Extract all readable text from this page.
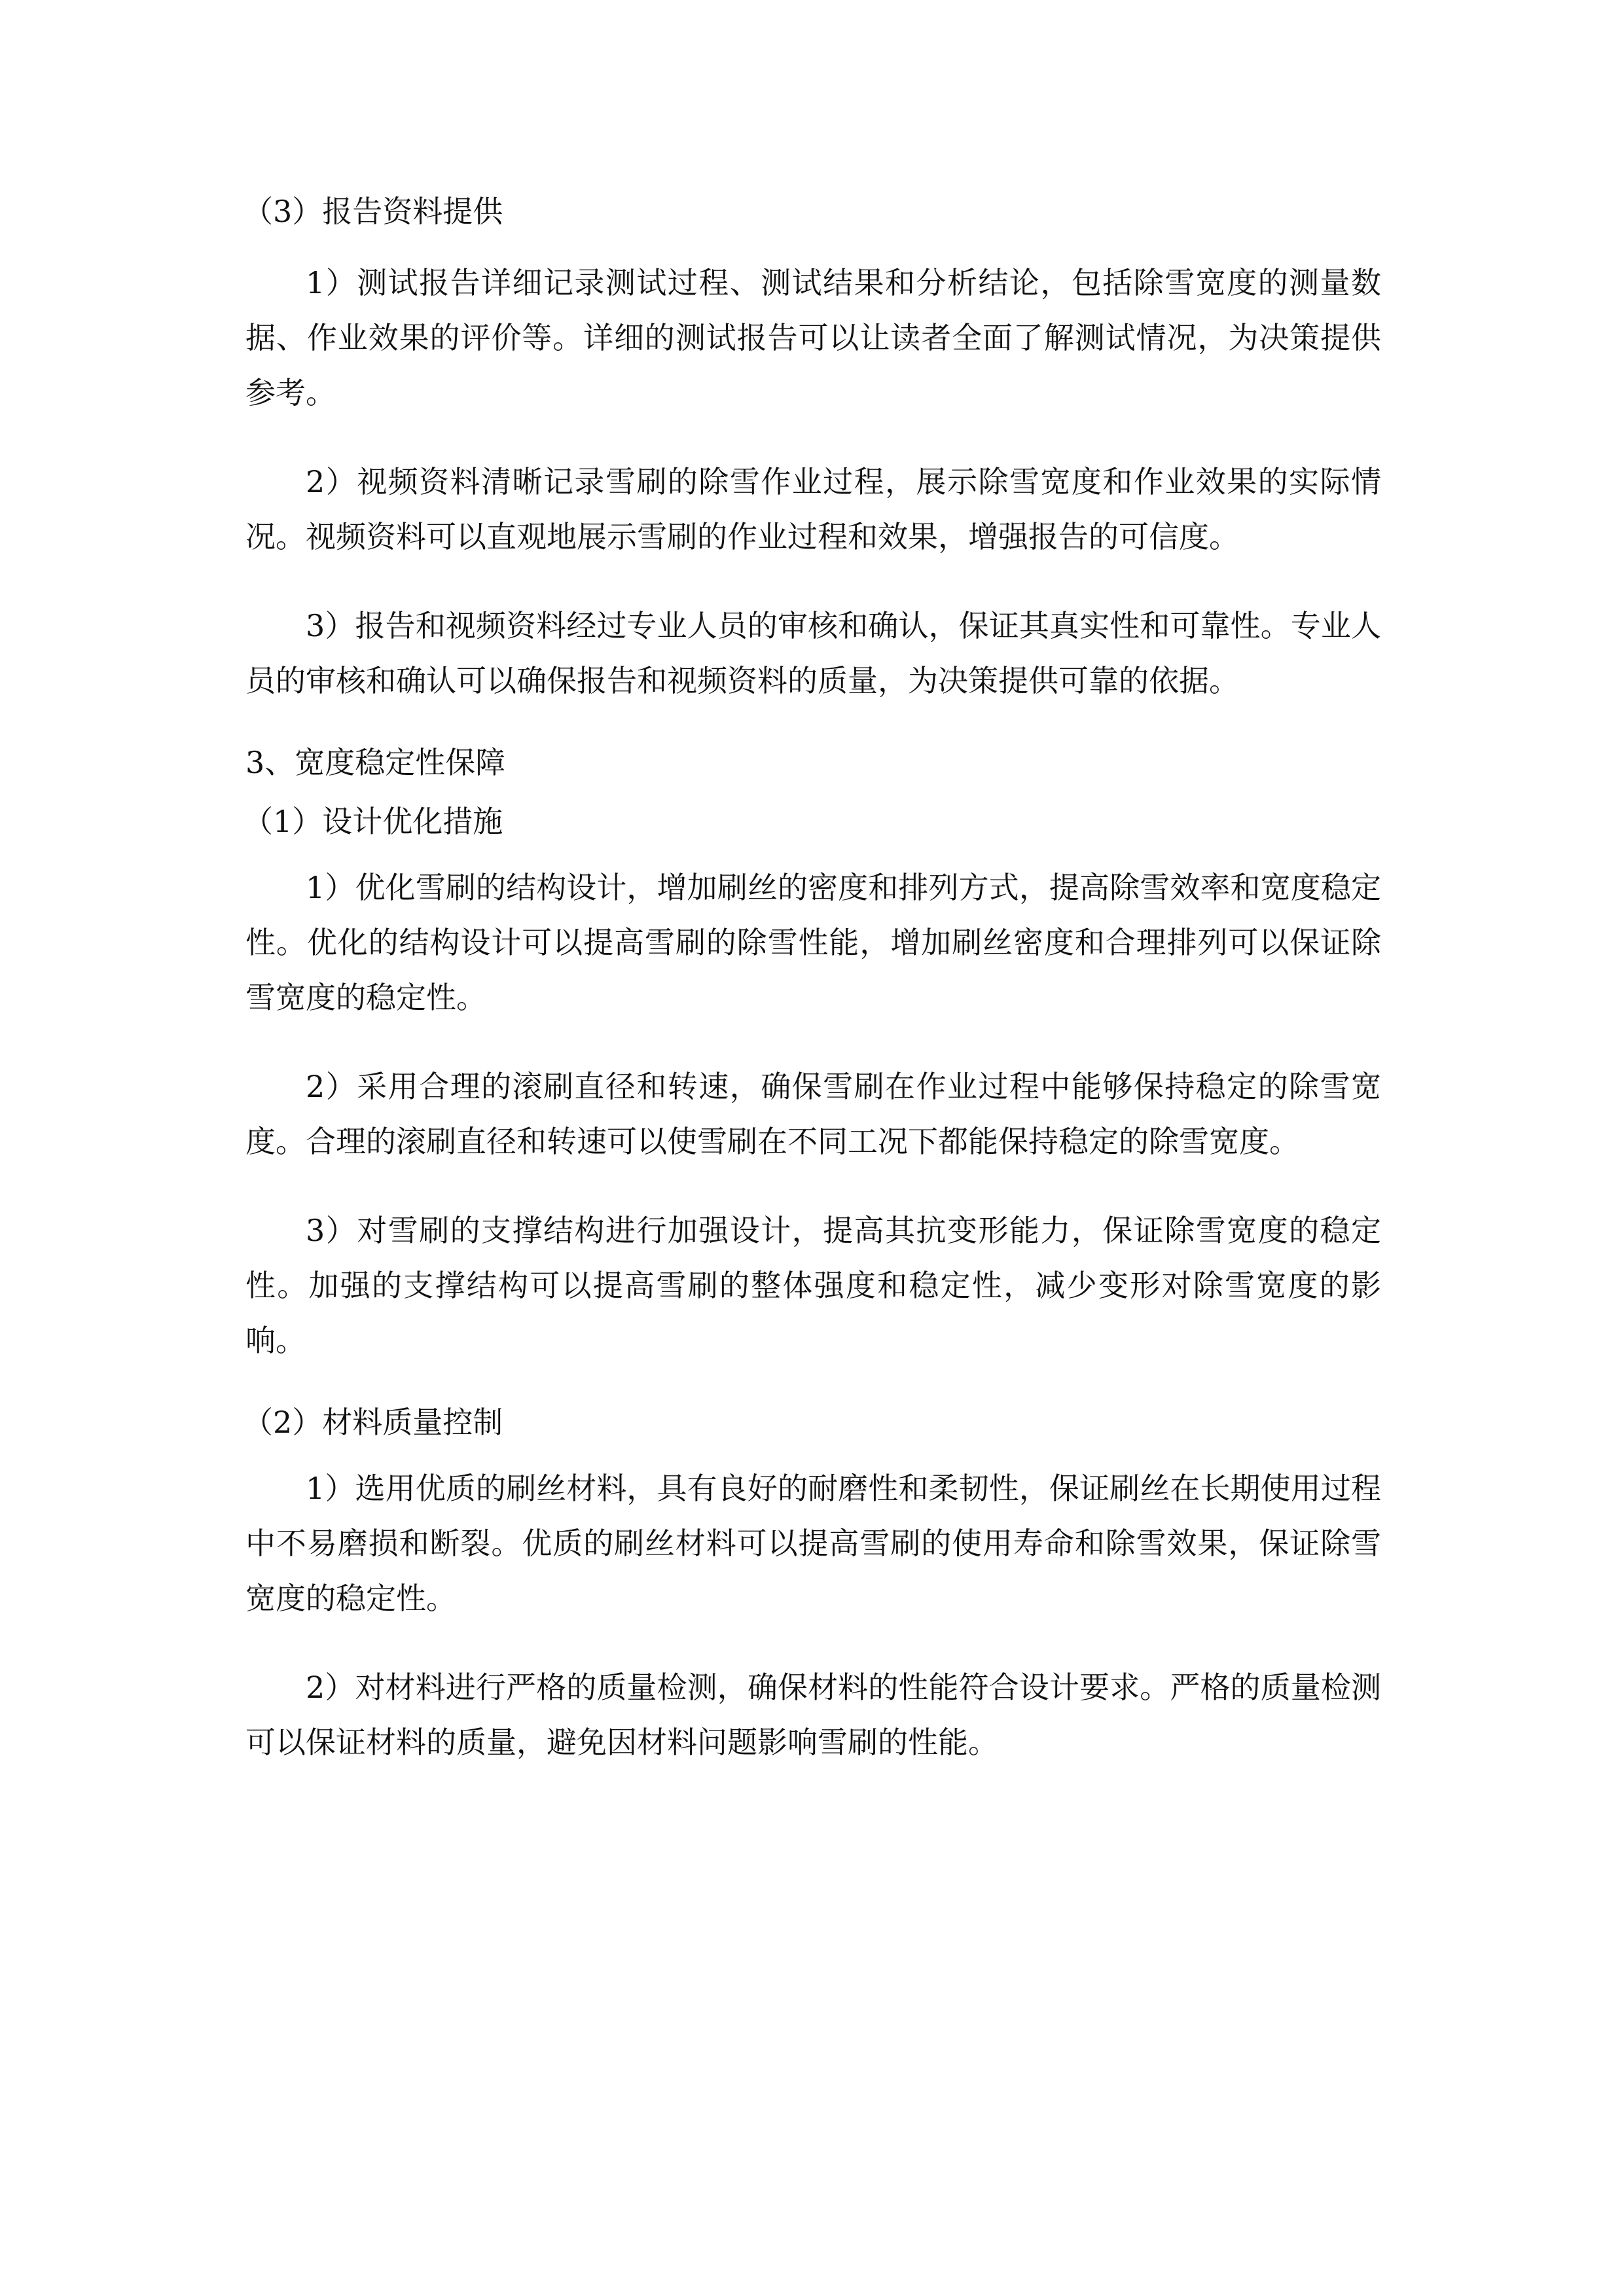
（3）报告资料提供

1）测试报告详细记录测试过程、测试结果和分析结论，包括除雪宽度的测量数据、作业效果的评价等。详细的测试报告可以让读者全面了解测试情况，为决策提供参考。

2）视频资料清晰记录雪刷的除雪作业过程，展示除雪宽度和作业效果的实际情况。视频资料可以直观地展示雪刷的作业过程和效果，增强报告的可信度。

3）报告和视频资料经过专业人员的审核和确认，保证其真实性和可靠性。专业人员的审核和确认可以确保报告和视频资料的质量，为决策提供可靠的依据。

3、宽度稳定性保障
（1）设计优化措施

1）优化雪刷的结构设计，增加刷丝的密度和排列方式，提高除雪效率和宽度稳定性。优化的结构设计可以提高雪刷的除雪性能，增加刷丝密度和合理排列可以保证除雪宽度的稳定性。

2）采用合理的滚刷直径和转速，确保雪刷在作业过程中能够保持稳定的除雪宽度。合理的滚刷直径和转速可以使雪刷在不同工况下都能保持稳定的除雪宽度。

3）对雪刷的支撑结构进行加强设计，提高其抗变形能力，保证除雪宽度的稳定性。加强的支撑结构可以提高雪刷的整体强度和稳定性，减少变形对除雪宽度的影响。

（2）材料质量控制

1）选用优质的刷丝材料，具有良好的耐磨性和柔韧性，保证刷丝在长期使用过程中不易磨损和断裂。优质的刷丝材料可以提高雪刷的使用寿命和除雪效果，保证除雪宽度的稳定性。

2）对材料进行严格的质量检测，确保材料的性能符合设计要求。严格的质量检测可以保证材料的质量，避免因材料问题影响雪刷的性能。
